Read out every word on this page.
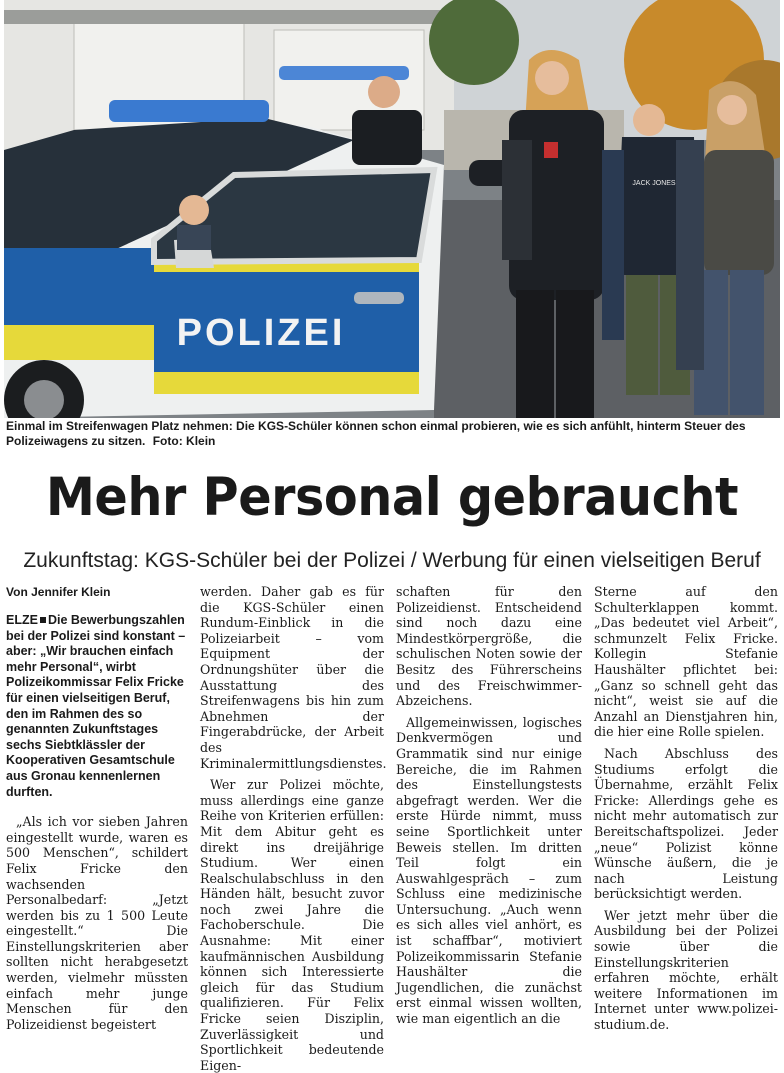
JACK JONES
POLIZEI
Einmal im Streifenwagen Platz nehmen: Die KGS-Schüler können schon einmal probieren, wie es sich anfühlt, hinterm Steuer des Polizeiwagens zu sitzen. Foto: Klein
Mehr Personal gebraucht
Zukunftstag: KGS-Schüler bei der Polizei / Werbung für einen vielseitigen Beruf
Von Jennifer Klein
ELZE Die Bewerbungszahlen bei der Polizei sind konstant – aber: „Wir brauchen einfach mehr Personal“, wirbt Polizeikommissar Felix Fricke für einen vielseitigen Beruf, den im Rahmen des so genannten Zukunftstages sechs Siebtklässler der Kooperativen Gesamtschule aus Gronau kennenlernen durften.

„Als ich vor sieben Jahren eingestellt wurde, waren es 500 Menschen“, schildert Felix Fricke den wachsenden Personalbedarf: „Jetzt werden bis zu 1 500 Leute eingestellt.“ Die Einstellungskriterien aber sollten nicht herabgesetzt werden, vielmehr müssten einfach mehr junge Menschen für den Polizeidienst begeistert

werden. Daher gab es für die KGS-Schüler einen Rundum-Einblick in die Polizeiarbeit – vom Equipment der Ordnungshüter über die Ausstattung des Streifenwagens bis hin zum Abnehmen der Fingerabdrücke, der Arbeit des Kriminalermittlungsdienstes.

Wer zur Polizei möchte, muss allerdings eine ganze Reihe von Kriterien erfüllen: Mit dem Abitur geht es direkt ins dreijährige Studium. Wer einen Realschulabschluss in den Händen hält, besucht zuvor noch zwei Jahre die Fachoberschule. Die Ausnahme: Mit einer kaufmännischen Ausbildung können sich Interessierte gleich für das Studium qualifizieren. Für Felix Fricke seien Disziplin, Zuverlässigkeit und Sportlichkeit bedeutende Eigen-

schaften für den Polizeidienst. Entscheidend sind noch dazu eine Mindestkörpergröße, die schulischen Noten sowie der Besitz des Führerscheins und des Freischwimmer-Abzeichens.

Allgemeinwissen, logisches Denkvermögen und Grammatik sind nur einige Bereiche, die im Rahmen des Einstellungstests abgefragt werden. Wer die erste Hürde nimmt, muss seine Sportlichkeit unter Beweis stellen. Im dritten Teil folgt ein Auswahlgespräch – zum Schluss eine medizinische Untersuchung. „Auch wenn es sich alles viel anhört, es ist schaffbar“, motiviert Polizeikommissarin Stefanie Haushälter die Jugendlichen, die zunächst erst einmal wissen wollten, wie man eigentlich an die

Sterne auf den Schulterklappen kommt. „Das bedeutet viel Arbeit“, schmunzelt Felix Fricke. Kollegin Stefanie Haushälter pflichtet bei: „Ganz so schnell geht das nicht“, weist sie auf die Anzahl an Dienstjahren hin, die hier eine Rolle spielen.

Nach Abschluss des Studiums erfolgt die Übernahme, erzählt Felix Fricke: Allerdings gehe es nicht mehr automatisch zur Bereitschaftspolizei. Jeder „neue“ Polizist könne Wünsche äußern, die je nach Leistung berücksichtigt werden.

Wer jetzt mehr über die Ausbildung bei der Polizei sowie über die Einstellungskriterien erfahren möchte, erhält weitere Informationen im Internet unter www.polizei-studium.de.
